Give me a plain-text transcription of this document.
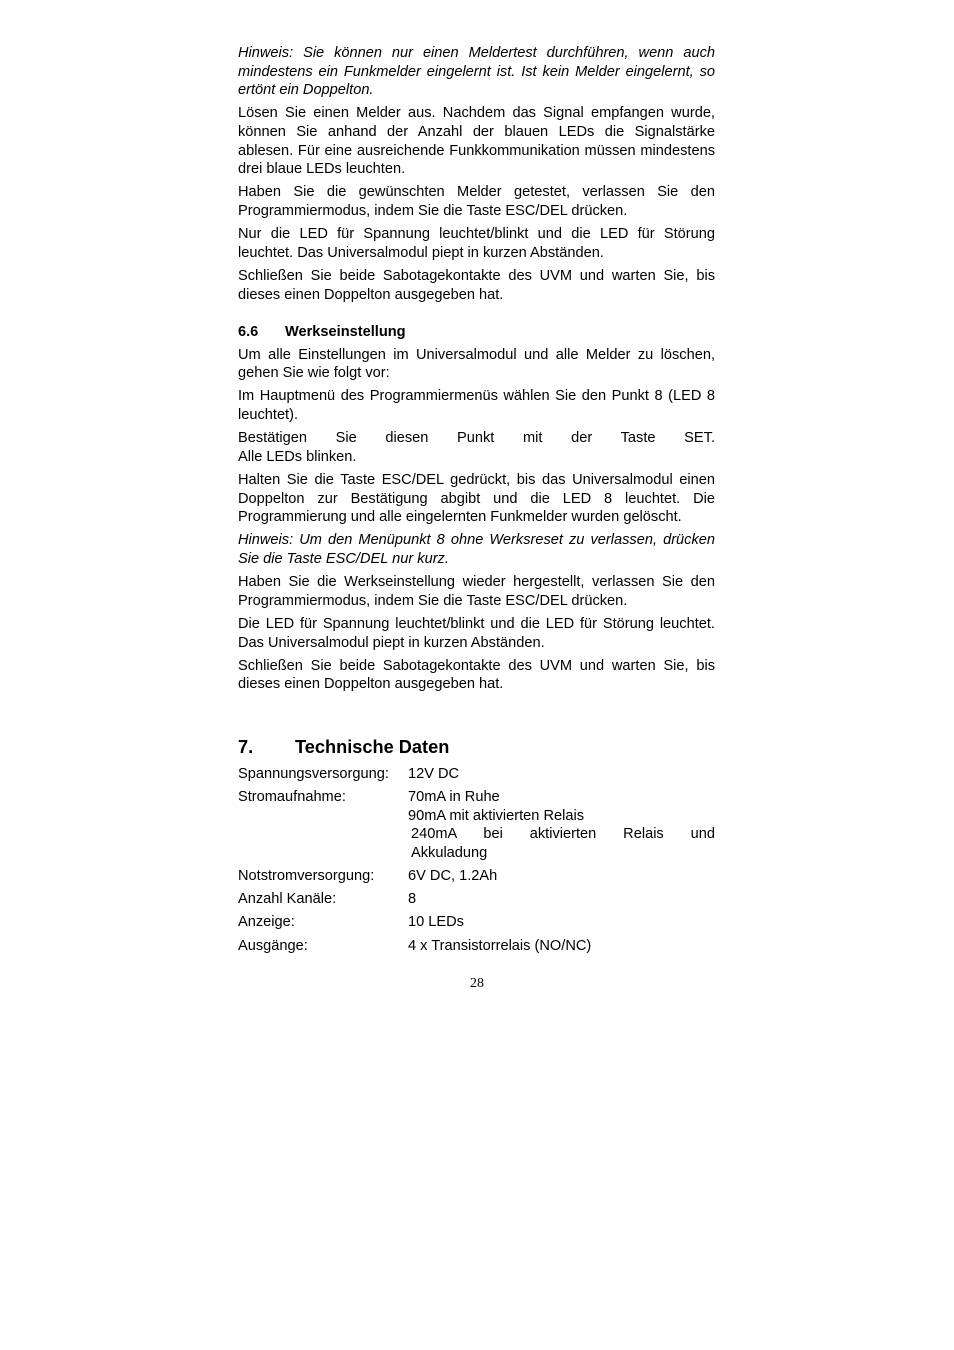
Hinweis: Sie können nur einen Meldertest durchführen, wenn auch mindestens ein Funkmelder eingelernt ist. Ist kein Melder eingelernt, so ertönt ein Doppelton.

Lösen Sie einen Melder aus. Nachdem das Signal empfangen wurde, können Sie anhand der Anzahl der blauen LEDs die Signalstärke ablesen. Für eine ausreichende Funkkommunikation müssen mindestens drei blaue LEDs leuchten.

Haben Sie die gewünschten Melder getestet, verlassen Sie den Programmiermodus, indem Sie die Taste ESC/DEL drücken.

Nur die LED für Spannung leuchtet/blinkt und die LED für Störung leuchtet. Das Universalmodul piept in kurzen Abständen.

Schließen Sie beide Sabotagekontakte des UVM und warten Sie, bis dieses einen Doppelton ausgegeben hat.

6.6 Werkseinstellung

Um alle Einstellungen im Universalmodul und alle Melder zu löschen, gehen Sie wie folgt vor:

Im Hauptmenü des Programmiermenüs wählen Sie den Punkt 8 (LED 8 leuchtet).

Bestätigen Sie diesen Punkt mit der Taste SET.
Alle LEDs blinken.

Halten Sie die Taste ESC/DEL gedrückt, bis das Universalmodul einen Doppelton zur Bestätigung abgibt und die LED 8 leuchtet. Die Programmierung und alle eingelernten Funkmelder wurden gelöscht.

Hinweis: Um den Menüpunkt 8 ohne Werksreset zu verlassen, drücken Sie die Taste ESC/DEL nur kurz.

Haben Sie die Werkseinstellung wieder hergestellt, verlassen Sie den Programmiermodus, indem Sie die Taste ESC/DEL drücken.

Die LED für Spannung leuchtet/blinkt und die LED für Störung leuchtet. Das Universalmodul piept in kurzen Abständen.

Schließen Sie beide Sabotagekontakte des UVM und warten Sie, bis dieses einen Doppelton ausgegeben hat.

7. Technische Daten
Spannungsversorgung:	12V DC
Stromaufnahme:	70mA in Ruhe
90mA mit aktivierten Relais
240mA bei aktivierten Relais und
Akkuladung
Notstromversorgung:	6V DC, 1.2Ah
Anzahl Kanäle:	8
Anzeige:	10 LEDs
Ausgänge:	4 x Transistorrelais (NO/NC)
28
